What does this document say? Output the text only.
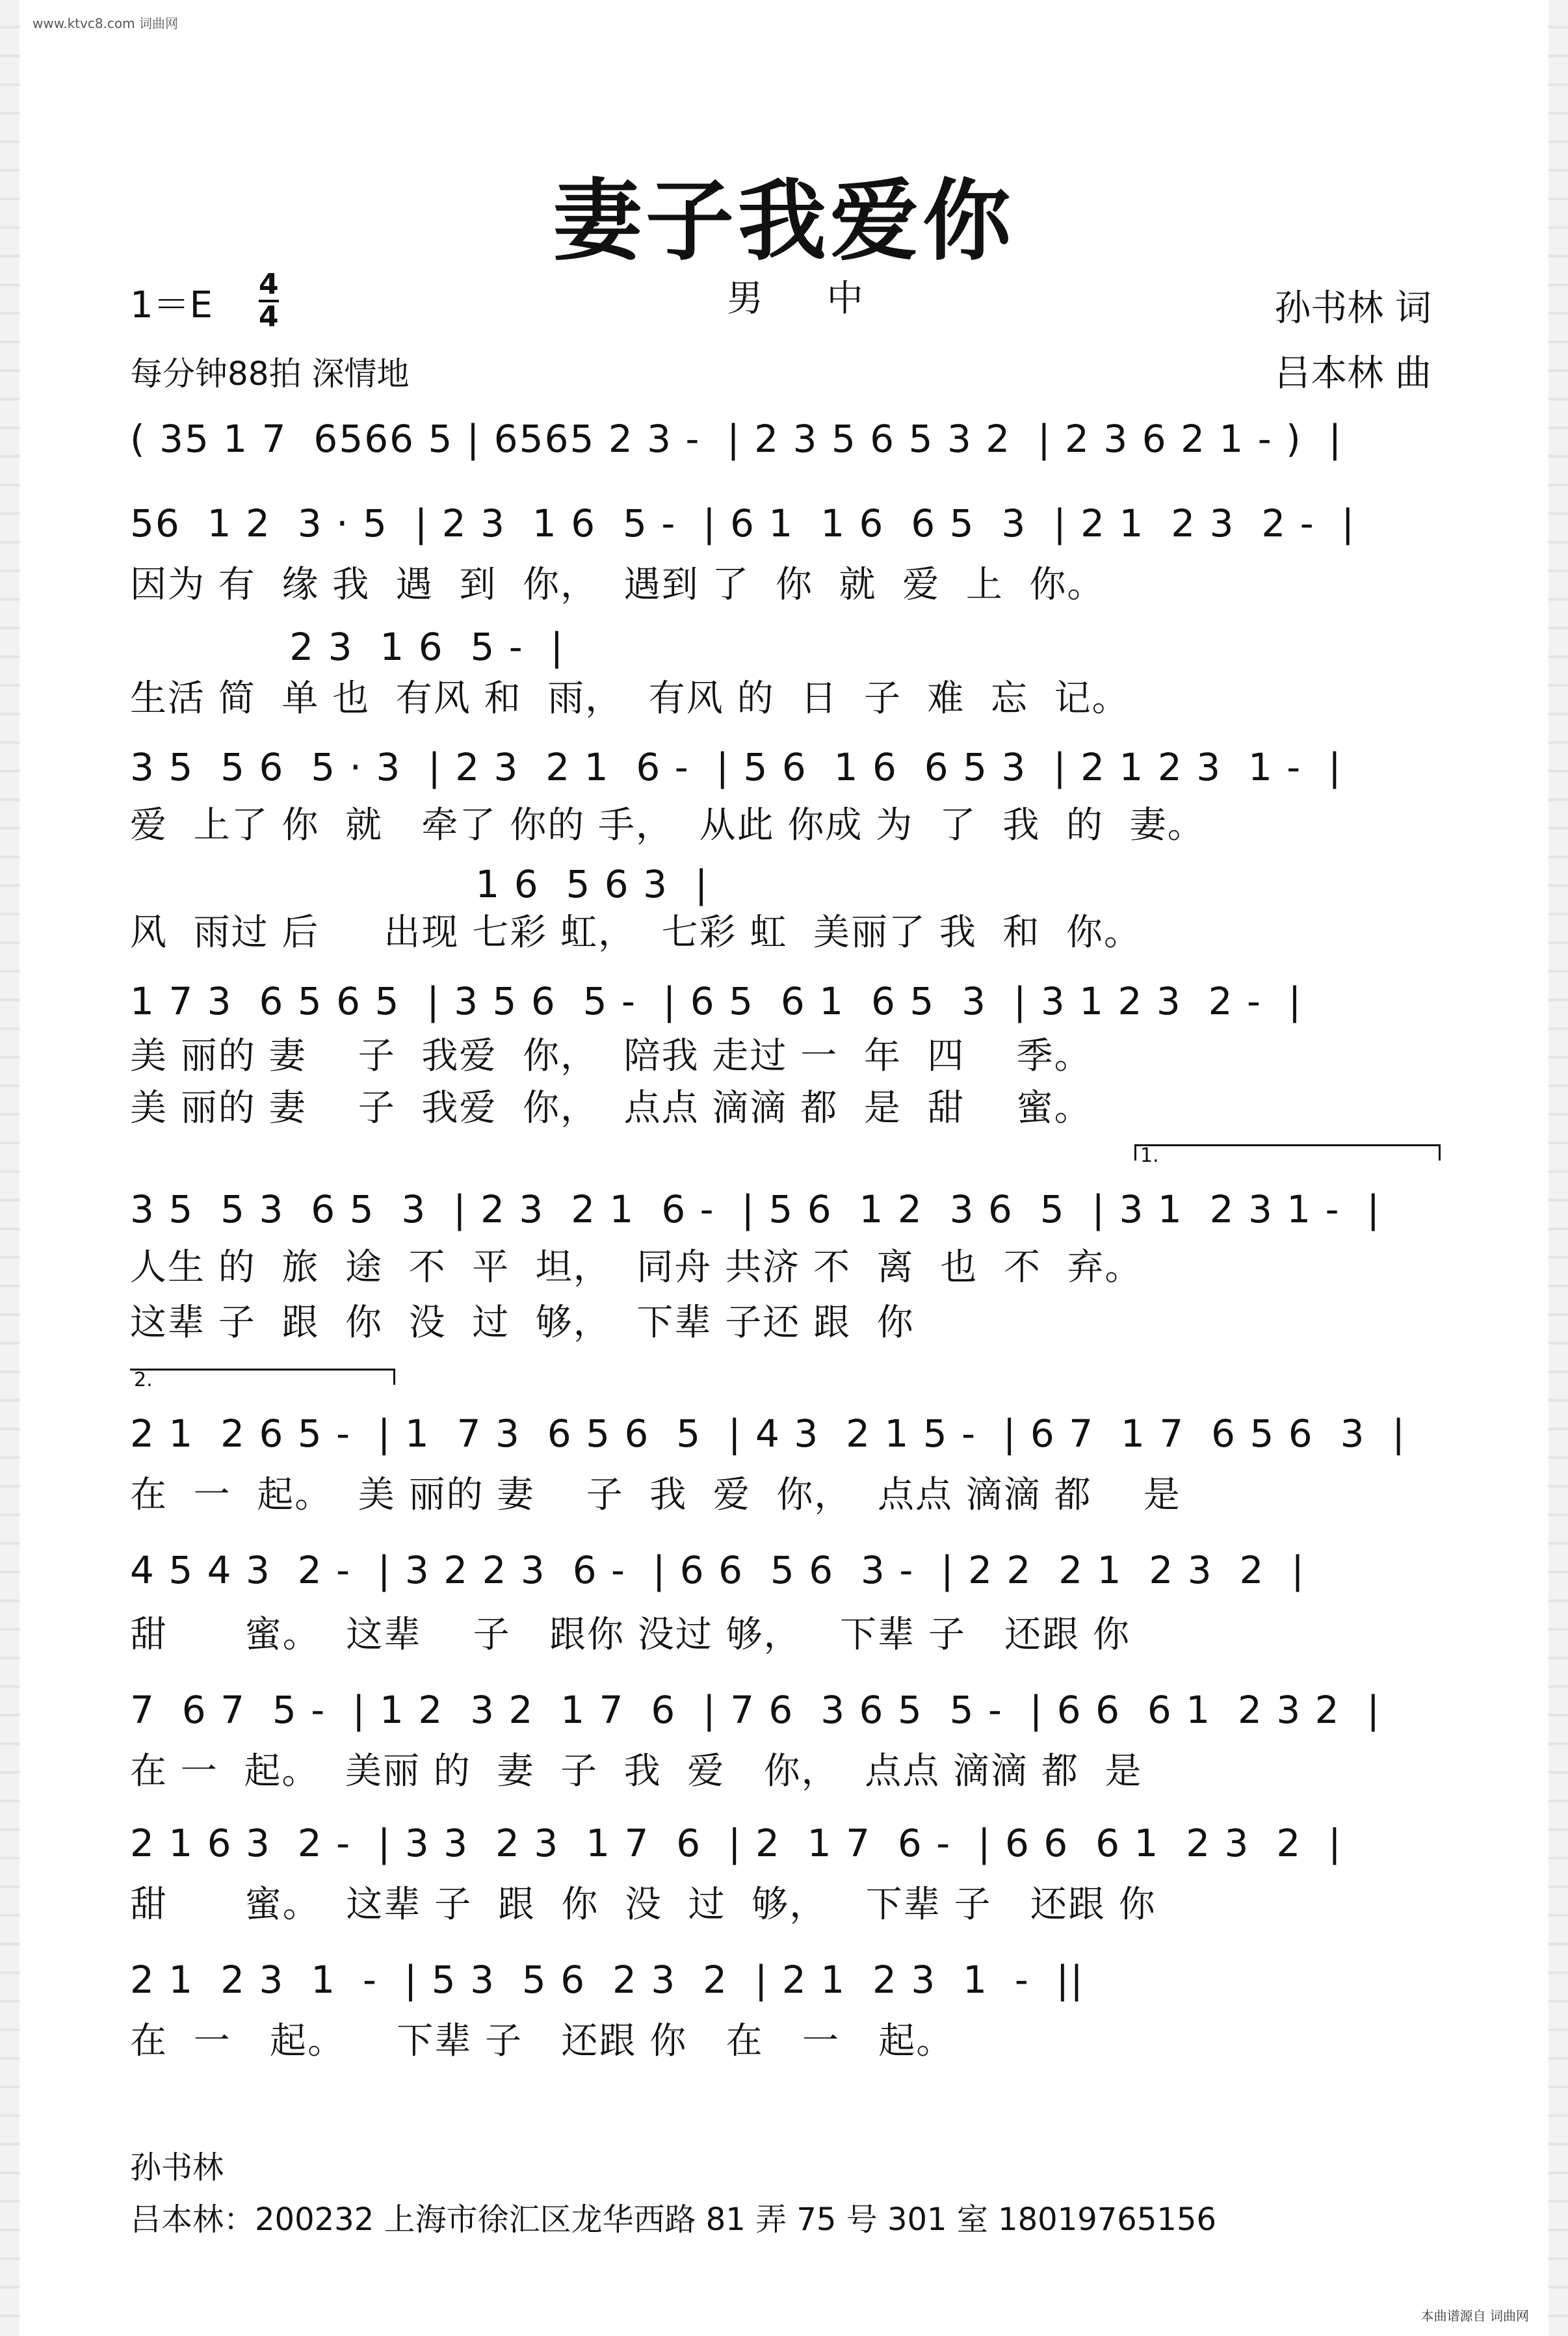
www.ktvc8.com 词曲网
妻子我爱你
1＝E 4
4	男 中	孙书林 词
吕本林 曲
每分钟88拍 深情地
( 35 1 7  6566 5 | 6565 2 3 -  | 2 3 5 6 5 3 2  | 2 3 6 2 1 - )  |
56  1 2  3 · 5  | 2 3  1 6  5 -  | 6 1  1 6  6 5  3  | 2 1  2 3  2 -  |
因为 有  缘 我  遇  到  你，  遇到 了  你  就  爱  上  你。
2 3  1 6  5 -  |
生活 简  单 也  有风 和  雨，  有风 的  日  子  难  忘  记。
3 5  5 6  5 · 3  | 2 3  2 1  6 -  | 5 6  1 6  6 5 3  | 2 1 2 3  1 -  |
爱  上了 你  就   牵了 你的 手，  从此 你成 为  了  我  的  妻。
1 6  5 6 3  |
风  雨过 后     出现 七彩 虹，  七彩 虹  美丽了 我  和  你。
1 7 3  6 5 6 5  | 3 5 6  5 -  | 6 5  6 1  6 5  3  | 3 1 2 3  2 -  |
美 丽的 妻    子  我爱  你，  陪我 走过 一  年  四    季。
美 丽的 妻    子  我爱  你，  点点 滴滴 都  是  甜    蜜。
1.
3 5  5 3  6 5  3  | 2 3  2 1  6 -  | 5 6  1 2  3 6  5  | 3 1  2 3 1 -  |
人生 的  旅  途  不  平  坦，  同舟 共济 不  离  也  不  弃。
这辈 子  跟  你  没  过  够，  下辈 子还 跟  你
2.
2 1  2 6 5 -  | 1  7 3  6 5 6  5  | 4 3  2 1 5 -  | 6 7  1 7  6 5 6  3  |
在  一  起。  美 丽的 妻    子  我  爱  你，  点点 滴滴 都    是
4 5 4 3  2 -  | 3 2 2 3  6 -  | 6 6  5 6  3 -  | 2 2  2 1  2 3  2  |
甜      蜜。  这辈    子   跟你 没过 够，   下辈 子   还跟 你
7  6 7  5 -  | 1 2  3 2  1 7  6  | 7 6  3 6 5  5 -  | 6 6  6 1  2 3 2  |
在 一  起。  美丽 的  妻  子  我  爱   你，  点点 滴滴 都  是
2 1 6 3  2 -  | 3 3  2 3  1 7  6  | 2  1 7  6 -  | 6 6  6 1  2 3  2  |
甜      蜜。  这辈 子  跟  你  没  过  够，   下辈 子   还跟 你
2 1  2 3  1  -  | 5 3  5 6  2 3  2  | 2 1  2 3  1  -  ||
在  一   起。    下辈 子   还跟 你   在   一   起。
孙书林
吕本林：200232 上海市徐汇区龙华西路 81 弄 75 号 301 室 18019765156
本曲谱源自 词曲网
